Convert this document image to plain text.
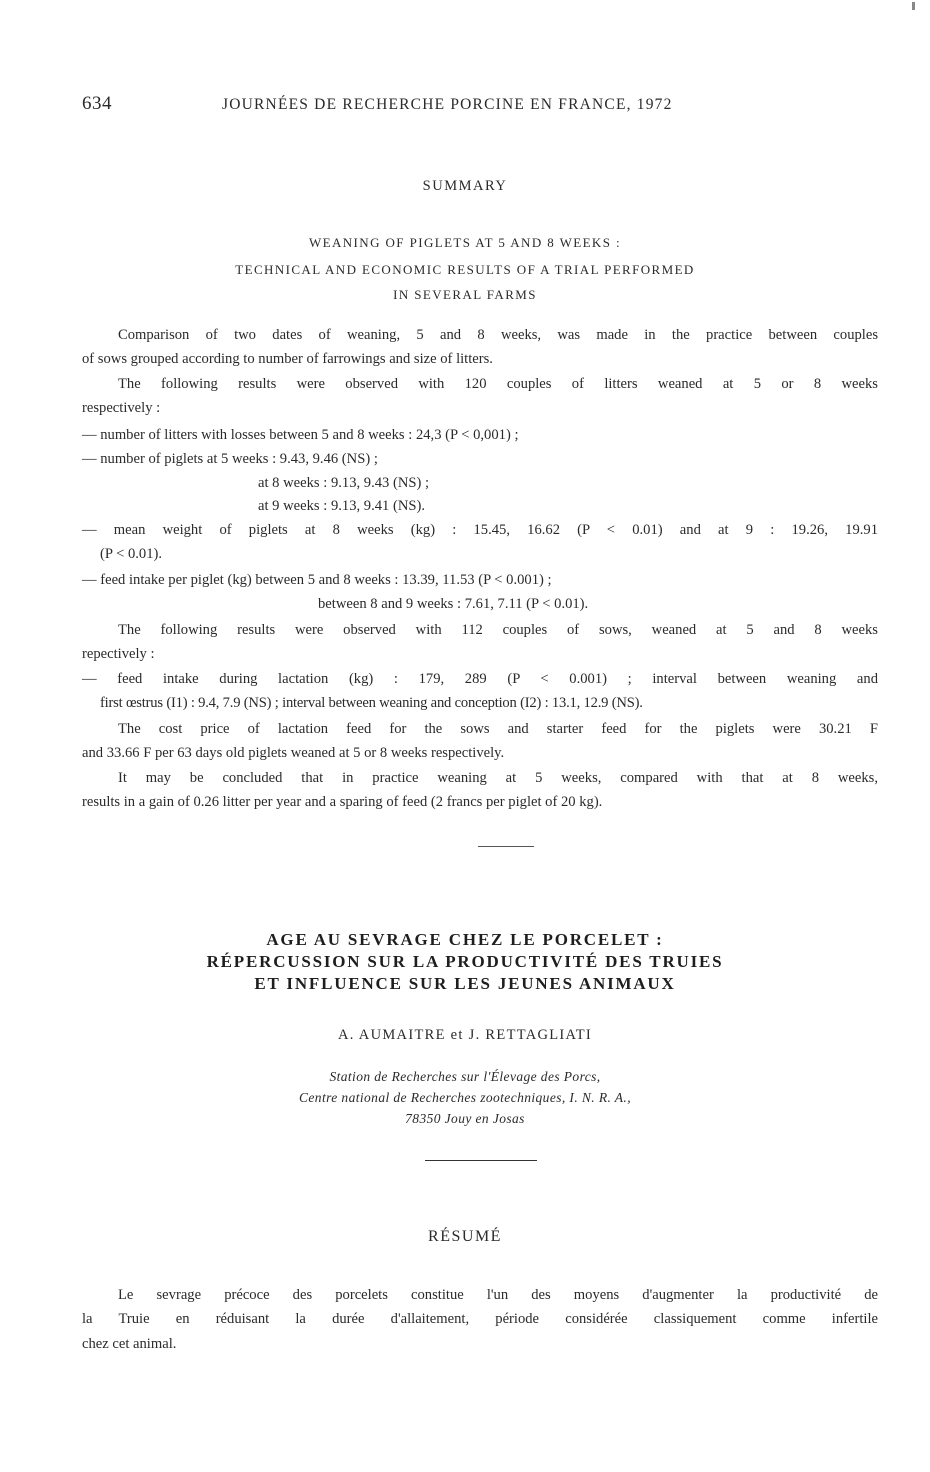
634	JOURNÉES DE RECHERCHE PORCINE EN FRANCE, 1972
SUMMARY
WEANING OF PIGLETS AT 5 AND 8 WEEKS :
TECHNICAL AND ECONOMIC RESULTS OF A TRIAL PERFORMED
IN SEVERAL FARMS
Comparison of two dates of weaning, 5 and 8 weeks, was made in the practice between couples
of sows grouped according to number of farrowings and size of litters.
The following results were observed with 120 couples of litters weaned at 5 or 8 weeks
respectively :
— number of litters with losses between 5 and 8 weeks : 24,3 (P < 0,001) ;
— number of piglets at 5 weeks : 9.43, 9.46 (NS) ;
at 8 weeks : 9.13, 9.43 (NS) ;
at 9 weeks : 9.13, 9.41 (NS).
— mean weight of piglets at 8 weeks (kg) : 15.45, 16.62 (P < 0.01) and at 9 : 19.26, 19.91
(P < 0.01).
— feed intake per piglet (kg) between 5 and 8 weeks : 13.39, 11.53 (P < 0.001) ;
between 8 and 9 weeks : 7.61, 7.11 (P < 0.01).
The following results were observed with 112 couples of sows, weaned at 5 and 8 weeks
repectively :
— feed intake during lactation (kg) : 179, 289 (P < 0.001) ; interval between weaning and
first œstrus (I1) : 9.4, 7.9 (NS) ; interval between weaning and conception (I2) : 13.1, 12.9 (NS).
The cost price of lactation feed for the sows and starter feed for the piglets were 30.21 F
and 33.66 F per 63 days old piglets weaned at 5 or 8 weeks respectively.
It may be concluded that in practice weaning at 5 weeks, compared with that at 8 weeks,
results in a gain of 0.26 litter per year and a sparing of feed (2 francs per piglet of 20 kg).
AGE AU SEVRAGE CHEZ LE PORCELET :
RÉPERCUSSION SUR LA PRODUCTIVITÉ DES TRUIES
ET INFLUENCE SUR LES JEUNES ANIMAUX
A. AUMAITRE et J. RETTAGLIATI
Station de Recherches sur l'Élevage des Porcs,
Centre national de Recherches zootechniques, I. N. R. A.,
78350 Jouy en Josas
RÉSUMÉ
Le sevrage précoce des porcelets constitue l'un des moyens d'augmenter la productivité de
la Truie en réduisant la durée d'allaitement, période considérée classiquement comme infertile
chez cet animal.
